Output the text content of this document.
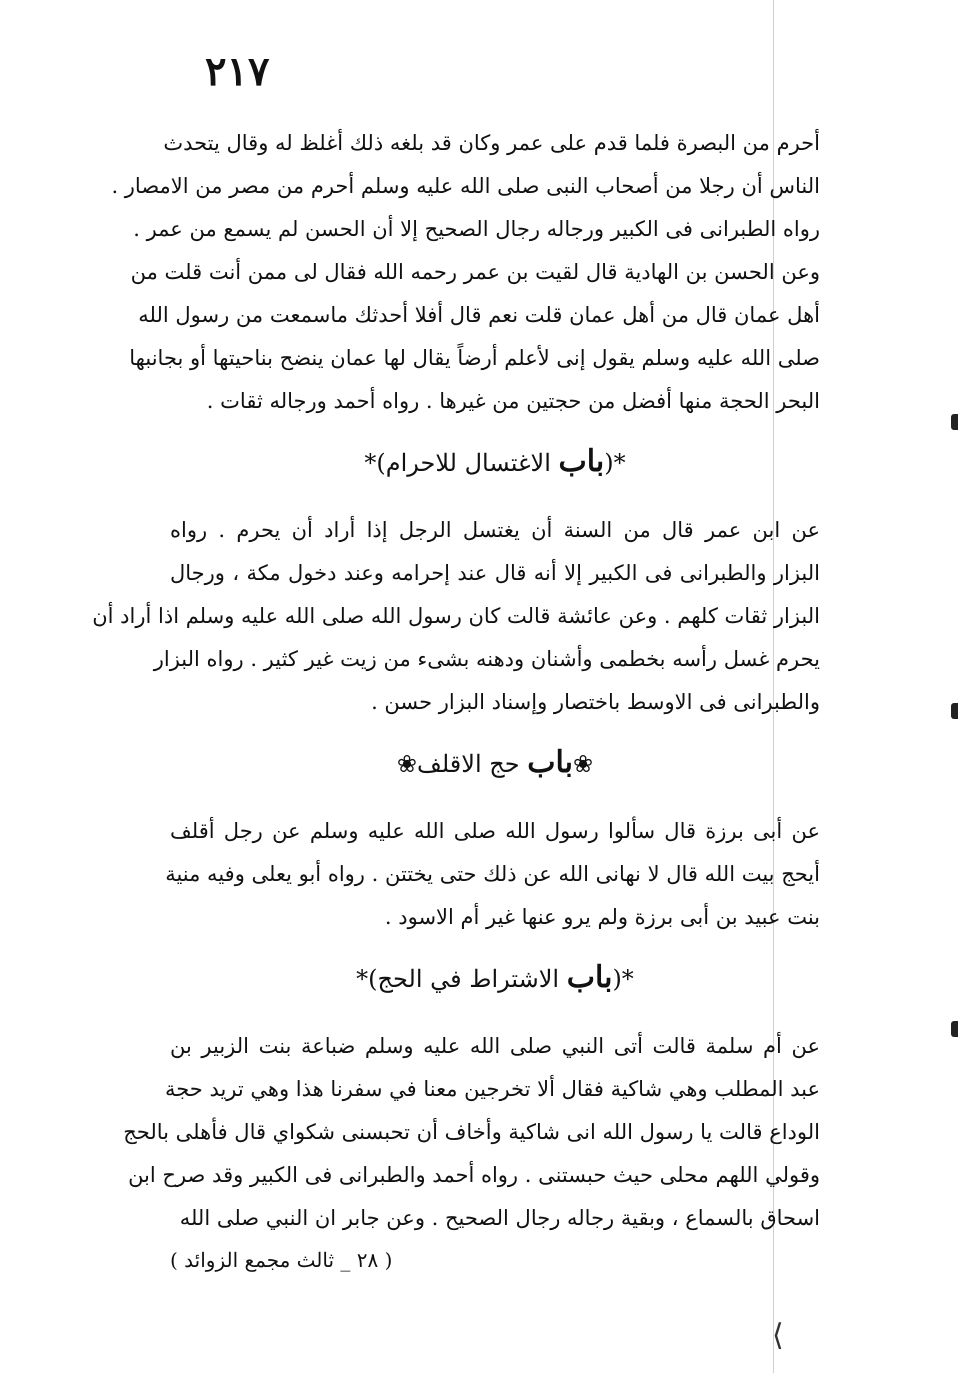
٢١٧
أحرم من البصرة فلما قدم على عمر وكان قد بلغه ذلك أغلظ له وقال يتحدث
الناس أن رجلا من أصحاب النبى صلى الله عليه وسلم أحرم من مصر من الامصار .
رواه الطبرانى فى الكبير ورجاله رجال الصحيح إلا أن الحسن لم يسمع من عمر .
وعن الحسن بن الهادية قال لقيت بن عمر رحمه الله فقال لى ممن أنت قلت من
أهل عمان قال من أهل عمان قلت نعم قال أفلا أحدثك ماسمعت من رسول الله
صلى الله عليه وسلم يقول إنى لأعلم أرضاً يقال لها عمان ينضح بناحيتها أو بجانبها
البحر الحجة منها أفضل من حجتين من غيرها . رواه أحمد ورجاله ثقات .
*(باب الاغتسال للاحرام)*
عن ابن عمر قال من السنة أن يغتسل الرجل إذا أراد أن يحرم . رواه
البزار والطبرانى فى الكبير إلا أنه قال عند إحرامه وعند دخول مكة ، ورجال
البزار ثقات كلهم . وعن عائشة قالت كان رسول الله صلى الله عليه وسلم اذا أراد أن
يحرم غسل رأسه بخطمى وأشنان ودهنه بشىء من زيت غير كثير . رواه البزار
والطبرانى فى الاوسط باختصار وإسناد البزار حسن .
❀باب حج الاقلف❀
عن أبى برزة قال سألوا رسول الله صلى الله عليه وسلم عن رجل أقلف
أيحج بيت الله قال لا نهانى الله عن ذلك حتى يختتن . رواه أبو يعلى وفيه منية
بنت عبيد بن أبى برزة ولم يرو عنها غير أم الاسود .
*(باب الاشتراط في الحج)*
عن أم سلمة قالت أتى النبي صلى الله عليه وسلم ضباعة بنت الزبير بن
عبد المطلب وهي شاكية فقال ألا تخرجين معنا في سفرنا هذا وهي تريد حجة
الوداع قالت يا رسول الله انى شاكية وأخاف أن تحبسنى شكواي قال فأهلى بالحج
وقولي اللهم محلى حيث حبستنى . رواه أحمد والطبرانى فى الكبير وقد صرح ابن
اسحاق بالسماع ، وبقية رجاله رجال الصحيح . وعن جابر ان النبي صلى الله
( ٢٨ _ ثالث مجمع الزوائد )
⟨
